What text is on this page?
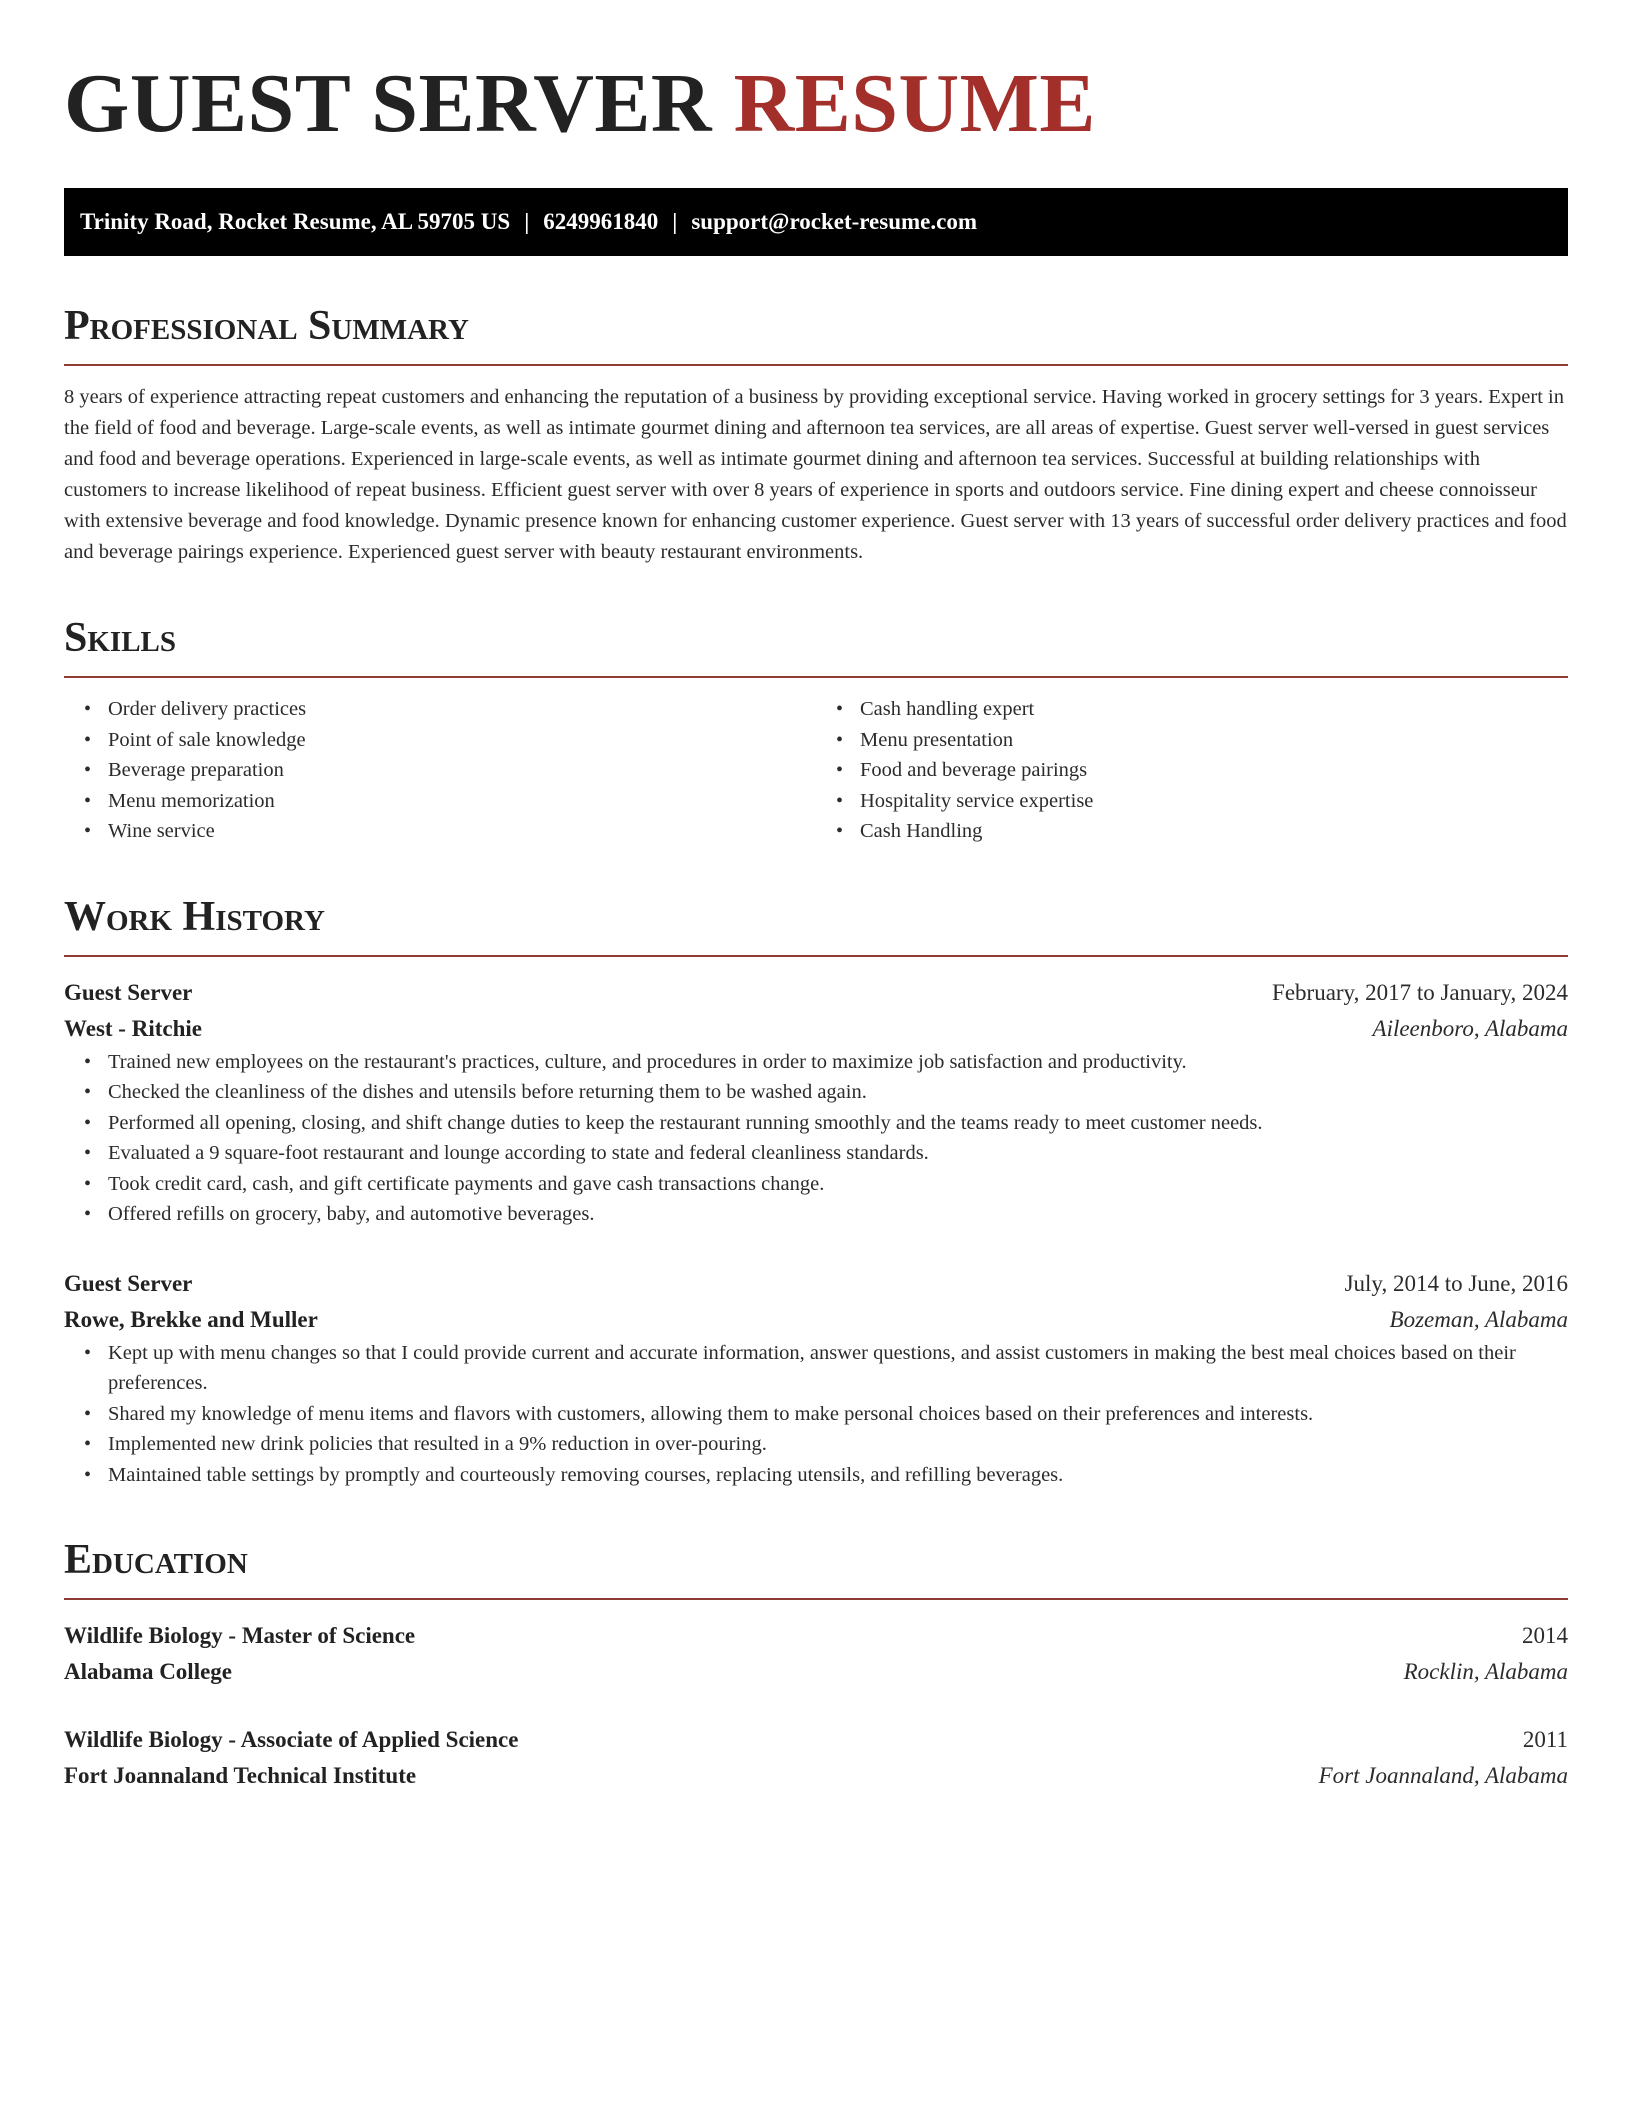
GUEST SERVER RESUME
Trinity Road, Rocket Resume, AL 59705 US | 6249961840 | support@rocket-resume.com
Professional Summary

8 years of experience attracting repeat customers and enhancing the reputation of a business by providing exceptional service. Having worked in grocery settings for 3 years. Expert in the field of food and beverage. Large-scale events, as well as intimate gourmet dining and afternoon tea services, are all areas of expertise. Guest server well-versed in guest services and food and beverage operations. Experienced in large-scale events, as well as intimate gourmet dining and afternoon tea services. Successful at building relationships with customers to increase likelihood of repeat business. Efficient guest server with over 8 years of experience in sports and outdoors service. Fine dining expert and cheese connoisseur with extensive beverage and food knowledge. Dynamic presence known for enhancing customer experience. Guest server with 13 years of successful order delivery practices and food and beverage pairings experience. Experienced guest server with beauty restaurant environments.

Skills
• Order delivery practices
• Point of sale knowledge
• Beverage preparation
• Menu memorization
• Wine service
• Cash handling expert
• Menu presentation
• Food and beverage pairings
• Hospitality service expertise
• Cash Handling
Work History
Guest Server	February, 2017 to January, 2024
West - Ritchie	Aileenboro, Alabama
• Trained new employees on the restaurant's practices, culture, and procedures in order to maximize job satisfaction and productivity.
• Checked the cleanliness of the dishes and utensils before returning them to be washed again.
• Performed all opening, closing, and shift change duties to keep the restaurant running smoothly and the teams ready to meet customer needs.
• Evaluated a 9 square-foot restaurant and lounge according to state and federal cleanliness standards.
• Took credit card, cash, and gift certificate payments and gave cash transactions change.
• Offered refills on grocery, baby, and automotive beverages.
Guest Server	July, 2014 to June, 2016
Rowe, Brekke and Muller	Bozeman, Alabama
• Kept up with menu changes so that I could provide current and accurate information, answer questions, and assist customers in making the best meal choices based on their preferences.
• Shared my knowledge of menu items and flavors with customers, allowing them to make personal choices based on their preferences and interests.
• Implemented new drink policies that resulted in a 9% reduction in over-pouring.
• Maintained table settings by promptly and courteously removing courses, replacing utensils, and refilling beverages.
Education
Wildlife Biology - Master of Science	2014
Alabama College	Rocklin, Alabama
Wildlife Biology - Associate of Applied Science	2011
Fort Joannaland Technical Institute	Fort Joannaland, Alabama
